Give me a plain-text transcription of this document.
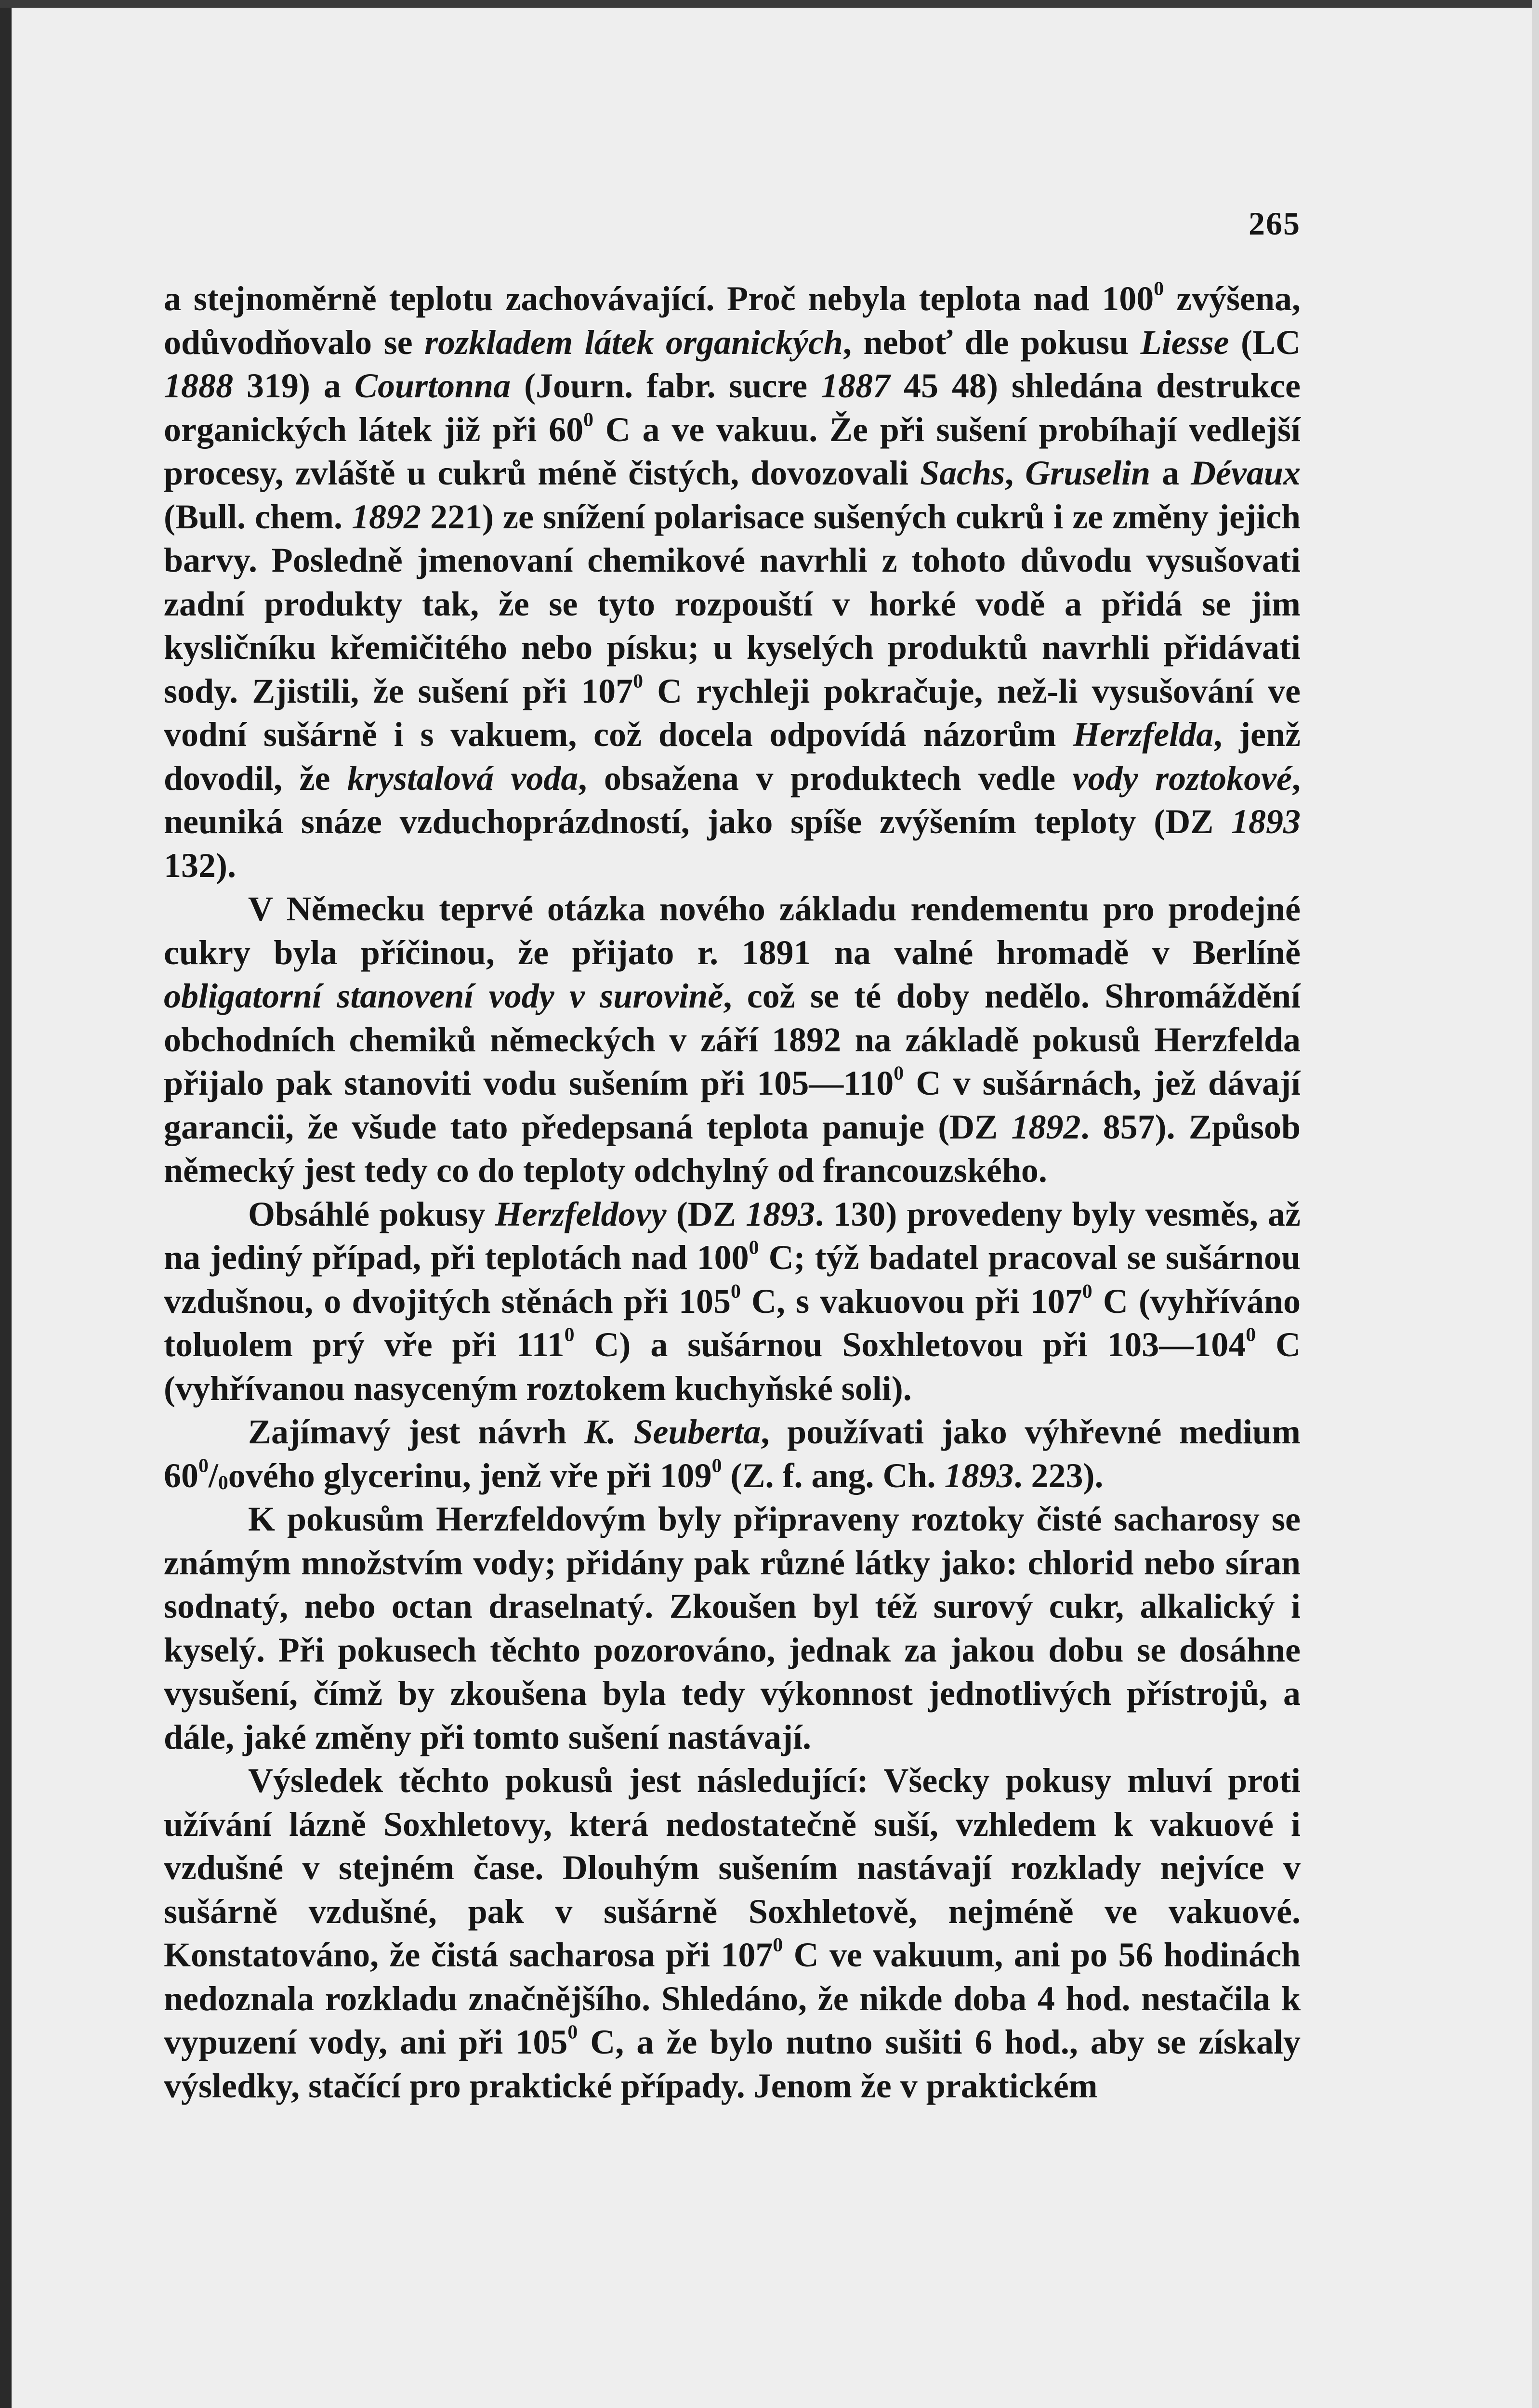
265

a stejnoměrně teplotu zachovávající. Proč nebyla teplota nad $100^0$ zvýšena, odůvodňovalo se rozkladem látek organických, neboť dle pokusu Liesse (LC 1888 319) a Courtonna (Journ. fabr. sucre 1887 45 48) shledána destrukce organických látek již při $60^0$ C a ve vakuu. Že při sušení probíhají vedlejší procesy, zvláště u cukrů méně čistých, dovozovali Sachs, Gruselin a Dévaux (Bull. chem. 1892 221) ze snížení polarisace sušených cukrů i ze změny jejich barvy. Posledně jmenovaní chemikové navrhli z tohoto důvodu vysušovati zadní produkty tak, že se tyto rozpouští v horké vodě a přidá se jim kysličníku křemičitého nebo písku; u kyselých produktů navrhli přidávati sody. Zjistili, že sušení při $107^0$ C rychleji pokračuje, než-li vysušování ve vodní sušárně i s vakuem, což docela odpovídá názorům Herzfelda, jenž dovodil, že krystalová voda, obsažena v produktech vedle vody roztokové, neuniká snáze vzduchoprázdností, jako spíše zvýšením teploty (DZ 1893 132).

V Německu teprvé otázka nového základu rendementu pro prodejné cukry byla příčinou, že přijato r. 1891 na valné hromadě v Berlíně obligatorní stanovení vody v surovině, což se té doby nedělo. Shromáždění obchodních chemiků německých v září 1892 na základě pokusů Herzfelda přijalo pak stanoviti vodu sušením při $105—110^0$ C v sušárnách, jež dávají garancii, že všude tato předepsaná teplota panuje (DZ 1892. 857). Způsob německý jest tedy co do teploty odchylný od francouzského.

Obsáhlé pokusy Herzfeldovy (DZ 1893. 130) provedeny byly vesměs, až na jediný případ, při teplotách nad $100^0$ C; týž badatel pracoval se sušárnou vzdušnou, o dvojitých stěnách při $105^0$ C, s vakuovou při $107^0$ C (vyhříváno toluolem prý vře při $111^0$ C) a sušárnou Soxhletovou při $103—104^0$ C (vyhřívanou nasyceným roztokem kuchyňské soli).

Zajímavý jest návrh K. Seuberta, používati jako výhřevné medium $60^0/_0ového$ glycerinu, jenž vře při $109^0$ (Z. f. ang. Ch. 1893. 223).

K pokusům Herzfeldovým byly připraveny roztoky čisté sacharosy se známým množstvím vody; přidány pak různé látky jako: chlorid nebo síran sodnatý, nebo octan draselnatý. Zkoušen byl též surový cukr, alkalický i kyselý. Při pokusech těchto pozorováno, jednak za jakou dobu se dosáhne vysušení, čímž by zkoušena byla tedy výkonnost jednotlivých přístrojů, a dále, jaké změny při tomto sušení nastávají.

Výsledek těchto pokusů jest následující: Všecky pokusy mluví proti užívání lázně Soxhletovy, která nedostatečně suší, vzhledem k vakuové i vzdušné v stejném čase. Dlouhým sušením nastávají rozklady nejvíce v sušárně vzdušné, pak v sušárně Soxhletově, nejméně ve vakuové. Konstatováno, že čistá sacharosa při $107^0$ C ve vakuum, ani po 56 hodinách nedoznala rozkladu značnějšího. Shledáno, že nikde doba 4 hod. nestačila k vypuzení vody, ani při $105^0$ C, a že bylo nutno sušiti 6 hod., aby se získaly výsledky, stačící pro praktické případy. Jenom že v praktickém
